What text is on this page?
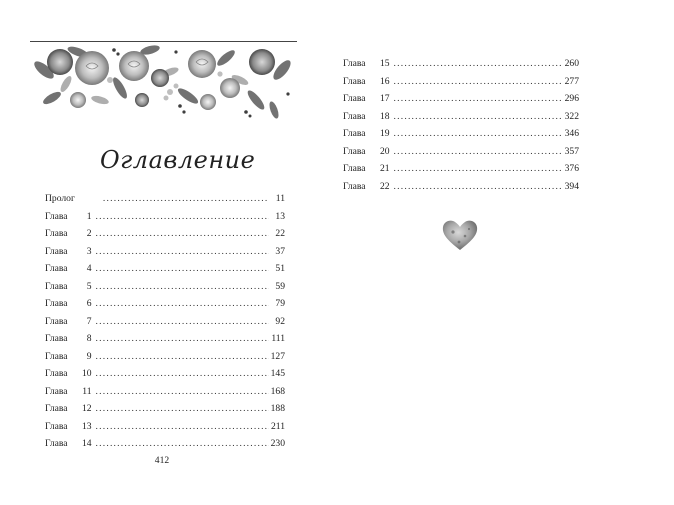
Оглавление
Пролог .....	11
Глава	1 .....	13
Глава	2 .....	22
Глава	3 .....	37
Глава	4 .....	51
Глава	5 .....	59
Глава	6 .....	79
Глава	7 .....	92
Глава	8 .....	111
Глава	9 .....	127
Глава	10 .....	145
Глава	11 .....	168
Глава	12 .....	188
Глава	13 .....	211
Глава	14 .....	230
412
Глава	15 .....	260
Глава	16 .....	277
Глава	17 .....	296
Глава	18 .....	322
Глава	19 .....	346
Глава	20 .....	357
Глава	21 .....	376
Глава	22 .....	394
